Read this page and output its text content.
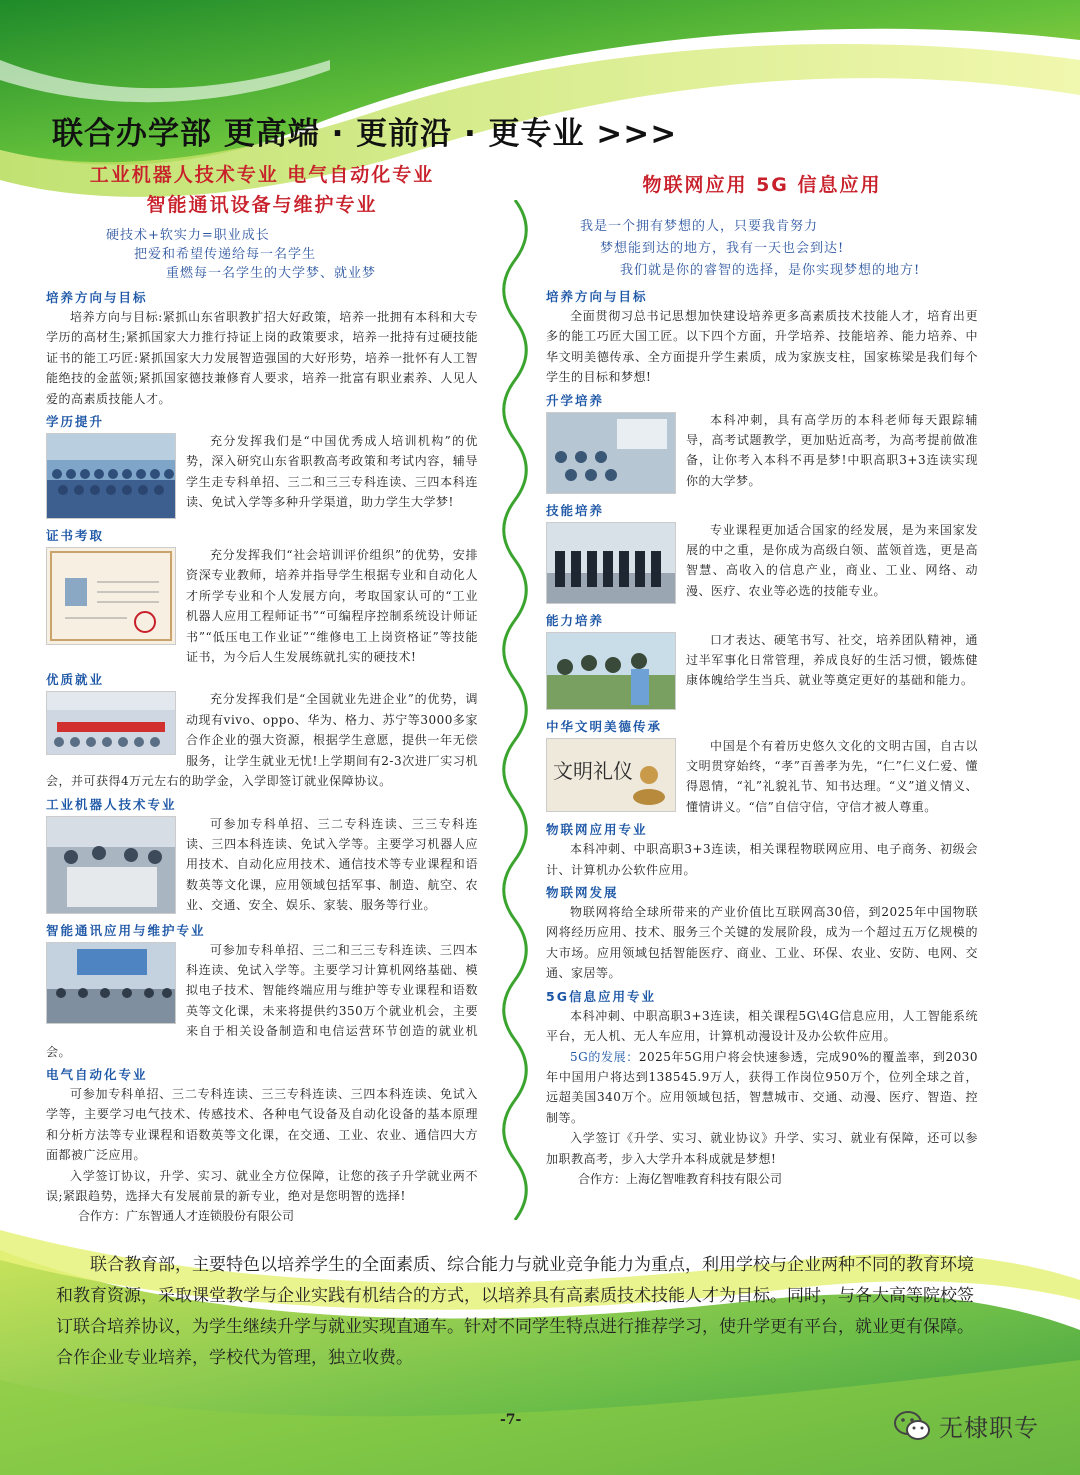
联合办学部 更高端 · 更前沿 · 更专业 >>>
工业机器人技术专业 电气自动化专业
智能通讯设备与维护专业
硬技术+软实力=职业成长
把爱和希望传递给每一名学生
重燃每一名学生的大学梦、就业梦
培养方向与目标

培养方向与目标:紧抓山东省职教扩招大好政策，培养一批拥有本科和大专学历的高材生;紧抓国家大力推行持证上岗的政策要求，培养一批持有过硬技能证书的能工巧匠:紧抓国家大力发展智造强国的大好形势，培养一批怀有人工智能绝技的金蓝领;紧抓国家德技兼修育人要求，培养一批富有职业素养、人见人爱的高素质技能人才。

学历提升

充分发挥我们是“中国优秀成人培训机构”的优势，深入研究山东省职教高考政策和考试内容，辅导学生走专科单招、三二和三三专科连读、三四本科连读、免试入学等多种升学渠道，助力学生大学梦!

证书考取

充分发挥我们“社会培训评价组织”的优势，安排资深专业教师，培养并指导学生根据专业和自动化人才所学专业和个人发展方向，考取国家认可的“工业机器人应用工程师证书”“可编程序控制系统设计师证书”“低压电工作业证”“维修电工上岗资格证”等技能证书，为今后人生发展练就扎实的硬技术!

优质就业

充分发挥我们是“全国就业先进企业”的优势，调动现有vivo、oppo、华为、格力、苏宁等3000多家合作企业的强大资源，根据学生意愿，提供一年无偿服务，让学生就业无忧!上学期间有2-3次进厂实习机会，并可获得4万元左右的助学金，入学即签订就业保障协议。

工业机器人技术专业

可参加专科单招、三二专科连读、三三专科连读、三四本科连读、免试入学等。主要学习机器人应用技术、自动化应用技术、通信技术等专业课程和语数英等文化课，应用领域包括军事、制造、航空、农业、交通、安全、娱乐、家装、服务等行业。

智能通讯应用与维护专业

可参加专科单招、三二和三三专科连读、三四本科连读、免试入学等。主要学习计算机网络基础、模拟电子技术、智能终端应用与维护等专业课程和语数英等文化课，未来将提供约350万个就业机会，主要来自于相关设备制造和电信运营环节创造的就业机会。

电气自动化专业

可参加专科单招、三二专科连读、三三专科连读、三四本科连读、免试入学等，主要学习电气技术、传感技术、各种电气设备及自动化设备的基本原理和分析方法等专业课程和语数英等文化课，在交通、工业、农业、通信四大方面都被广泛应用。

入学签订协议，升学、实习、就业全方位保障，让您的孩子升学就业两不误;紧跟趋势，选择大有发展前景的新专业，绝对是您明智的选择!

合作方：广东智通人才连锁股份有限公司
物联网应用 5G 信息应用
我是一个拥有梦想的人，只要我肯努力
梦想能到达的地方，我有一天也会到达!
我们就是你的睿智的选择，是你实现梦想的地方!
培养方向与目标

全面贯彻习总书记思想加快建设培养更多高素质技术技能人才，培育出更多的能工巧匠大国工匠。以下四个方面，升学培养、技能培养、能力培养、中华文明美德传承、全方面提升学生素质，成为家族支柱，国家栋梁是我们每个学生的目标和梦想!

升学培养

本科冲刺，具有高学历的本科老师每天跟踪辅导，高考试题教学，更加贴近高考，为高考提前做准备，让你考入本科不再是梦!中职高职3+3连读实现你的大学梦。

技能培养

专业课程更加适合国家的经发展，是为来国家发展的中之重，是你成为高级白领、蓝领首选，更是高智慧、高收入的信息产业，商业、工业、网络、动漫、医疗、农业等必选的技能专业。

能力培养

口才表达、硬笔书写、社交，培养团队精神，通过半军事化日常管理，养成良好的生活习惯，锻炼健康体魄给学生当兵、就业等奠定更好的基础和能力。

中华文明美德传承
文明礼仪

中国是个有着历史悠久文化的文明古国，自古以文明贯穿始终，“孝”百善孝为先，“仁”仁义仁爱、懂得恩情，“礼”礼貌礼节、知书达理。“义”道义情义、懂情讲义。“信”自信守信，守信才被人尊重。

物联网应用专业

本科冲刺、中职高职3+3连读，相关课程物联网应用、电子商务、初级会计、计算机办公软件应用。

物联网发展

物联网将给全球所带来的产业价值比互联网高30倍，到2025年中国物联网将经历应用、技术、服务三个关键的发展阶段，成为一个超过五万亿规模的大市场。应用领域包括智能医疗、商业、工业、环保、农业、安防、电网、交通、家居等。

5G信息应用专业

本科冲刺、中职高职3+3连读，相关课程5G\4G信息应用，人工智能系统平台，无人机、无人车应用，计算机动漫设计及办公软件应用。

5G的发展：2025年5G用户将会快速参透，完成90%的覆盖率，到2030年中国用户将达到138545.9万人，获得工作岗位950万个，位列全球之首，远超美国340万个。应用领域包括，智慧城市、交通、动漫、医疗、智造、控制等。

入学签订《升学、实习、就业协议》升学、实习、就业有保障，还可以参加职教高考，步入大学升本科成就是梦想!

合作方：上海亿智唯教育科技有限公司
联合教育部，主要特色以培养学生的全面素质、综合能力与就业竞争能力为重点，利用学校与企业两种不同的教育环境和教育资源，采取课堂教学与企业实践有机结合的方式，以培养具有高素质技术技能人才为目标。同时，与各大高等院校签订联合培养协议，为学生继续升学与就业实现直通车。针对不同学生特点进行推荐学习，使升学更有平台，就业更有保障。合作企业专业培养，学校代为管理，独立收费。
-7-	无棣职专
